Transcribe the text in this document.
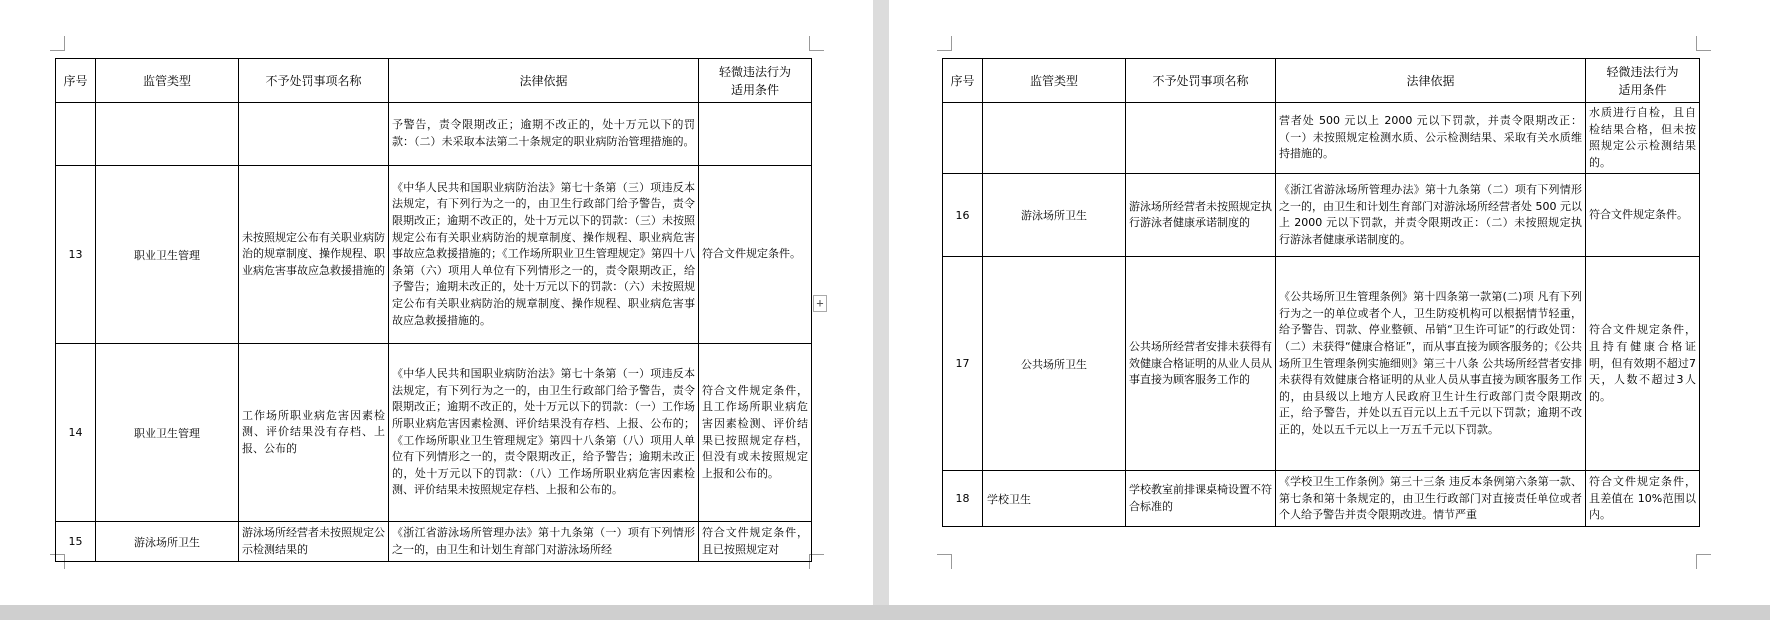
序号	监管类型	不予处罚事项名称	法律依据	轻微违法行为
适用条件

			予警告，责令限期改正；逾期不改正的，处十万元以下的罚款：（二）未采取本法第二十条规定的职业病防治管理措施的。	
13	职业卫生管理	未按照规定公布有关职业病防治的规章制度、操作规程、职业病危害事故应急救援措施的	《中华人民共和国职业病防治法》第七十条第（三）项违反本法规定，有下列行为之一的，由卫生行政部门给予警告，责令限期改正；逾期不改正的，处十万元以下的罚款：（三）未按照规定公布有关职业病防治的规章制度、操作规程、职业病危害事故应急救援措施的；《工作场所职业卫生管理规定》第四十八条第（六）项用人单位有下列情形之一的，责令限期改正，给予警告；逾期未改正的，处十万元以下的罚款：（六）未按照规定公布有关职业病防治的规章制度、操作规程、职业病危害事故应急救援措施的。	符合文件规定条件。
14	职业卫生管理	工作场所职业病危害因素检测、评价结果没有存档、上报、公布的	《中华人民共和国职业病防治法》第七十条第（一）项违反本法规定，有下列行为之一的，由卫生行政部门给予警告，责令限期改正；逾期不改正的，处十万元以下的罚款：（一）工作场所职业病危害因素检测、评价结果没有存档、上报、公布的；《工作场所职业卫生管理规定》第四十八条第（八）项用人单位有下列情形之一的，责令限期改正，给予警告；逾期未改正的，处十万元以下的罚款：（八）工作场所职业病危害因素检测、评价结果未按照规定存档、上报和公布的。	符合文件规定条件，且工作场所职业病危害因素检测、评价结果已按照规定存档，但没有或未按照规定上报和公布的。
15	游泳场所卫生	游泳场所经营者未按照规定公示检测结果的	《浙江省游泳场所管理办法》第十九条第（一）项有下列情形之一的，由卫生和计划生育部门对游泳场所经	符合文件规定条件，且已按照规定对
+
序号	监管类型	不予处罚事项名称	法律依据	轻微违法行为
适用条件

			营者处 500 元以上 2000 元以下罚款，并责令限期改正：（一）未按照规定检测水质、公示检测结果、采取有关水质维持措施的。	水质进行自检，且自检结果合格，但未按照规定公示检测结果的。
16	游泳场所卫生	游泳场所经营者未按照规定执行游泳者健康承诺制度的	《浙江省游泳场所管理办法》第十九条第（二）项有下列情形之一的，由卫生和计划生育部门对游泳场所经营者处 500 元以上 2000 元以下罚款，并责令限期改正：（二）未按照规定执行游泳者健康承诺制度的。	符合文件规定条件。
17	公共场所卫生	公共场所经营者安排未获得有效健康合格证明的从业人员从事直接为顾客服务工作的	《公共场所卫生管理条例》第十四条第一款第(二)项 凡有下列行为之一的单位或者个人，卫生防疫机构可以根据情节轻重，给予警告、罚款、停业整顿、吊销“卫生许可证”的行政处罚：（二）未获得“健康合格证”，而从事直接为顾客服务的；《公共场所卫生管理条例实施细则》第三十八条 公共场所经营者安排未获得有效健康合格证明的从业人员从事直接为顾客服务工作的，由县级以上地方人民政府卫生计生行政部门责令限期改正，给予警告，并处以五百元以上五千元以下罚款；逾期不改正的，处以五千元以上一万五千元以下罚款。	符合文件规定条件，且持有健康合格证明，但有效期不超过7天，人数不超过3人的。
18	学校卫生	学校教室前排课桌椅设置不符合标准的	《学校卫生工作条例》第三十三条 违反本条例第六条第一款、第七条和第十条规定的，由卫生行政部门对直接责任单位或者个人给予警告并责令限期改进。情节严重	符合文件规定条件，且差值在 10%范围以内。
